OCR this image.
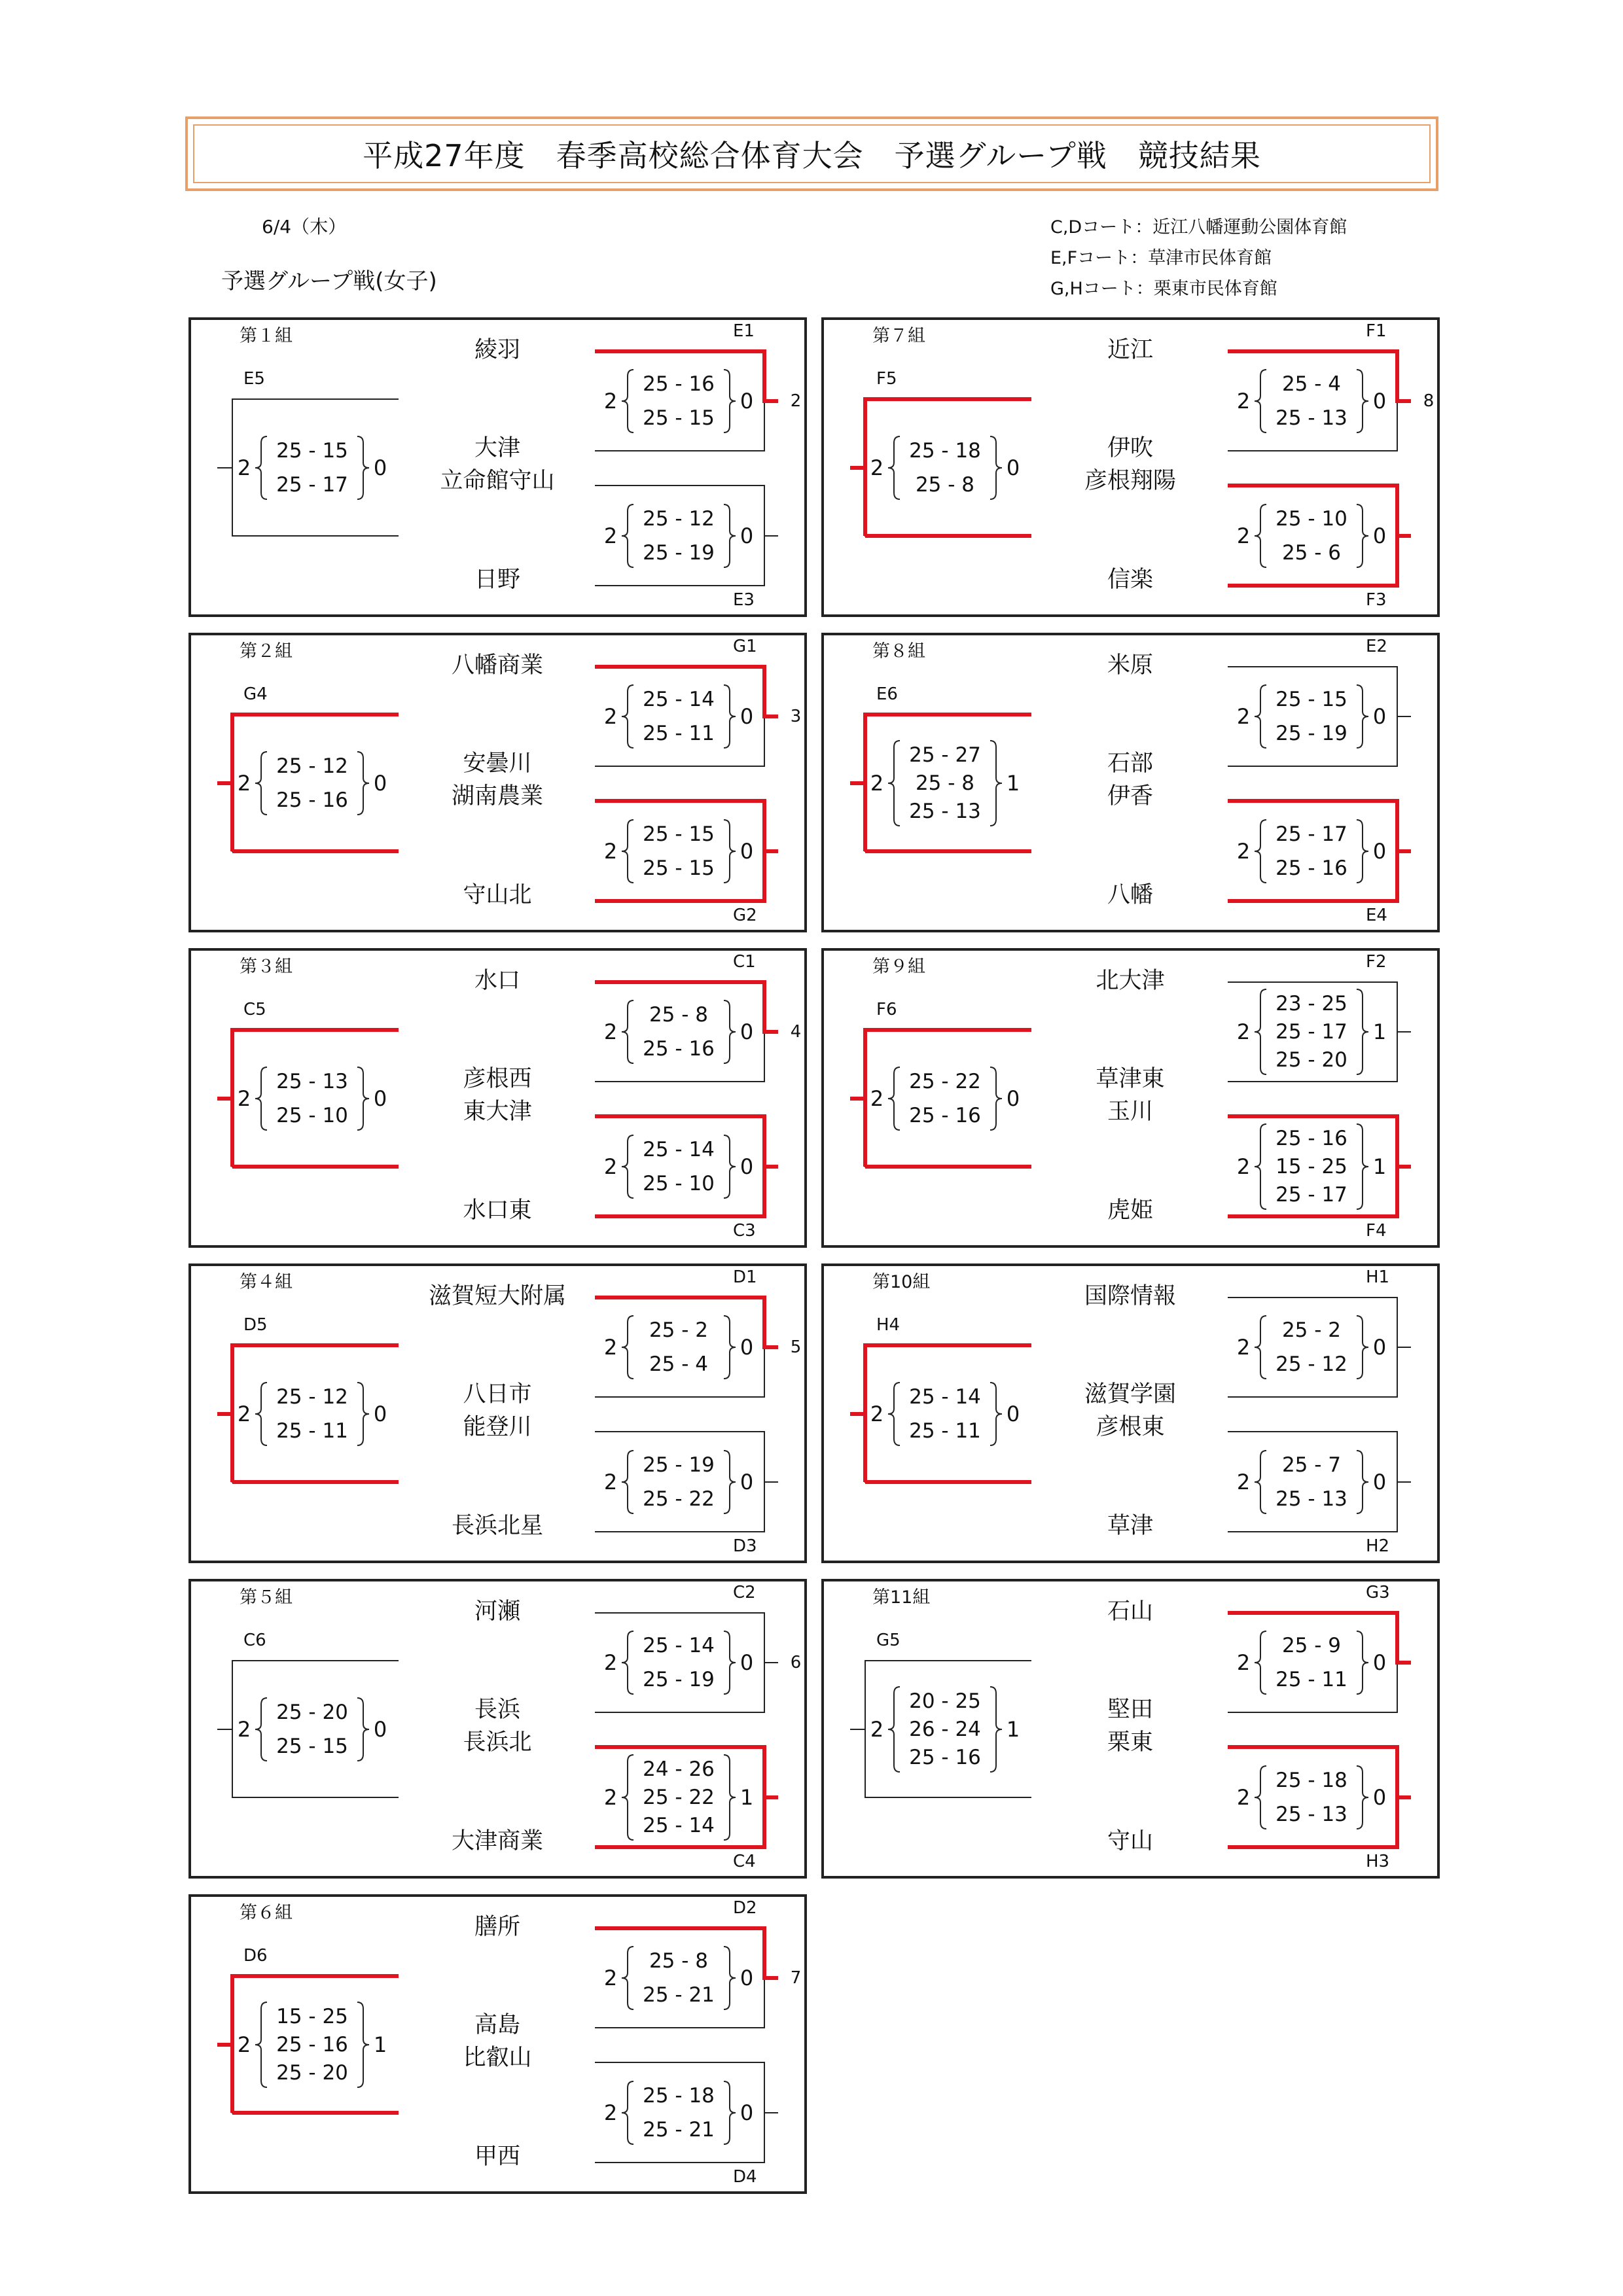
平成27年度　春季高校総合体育大会　予選グループ戦　競技結果
6/4（木）
予選グループ戦(女子)
C,Dコート：近江八幡運動公園体育館
E,Fコート：草津市民体育館
G,Hコート：栗東市民体育館
第１組	E1
E5
E3
綾羽
大津
立命館守山
日野
2	0
25 - 16
25 - 15
2	0
25 - 12
25 - 19
2	0
25 - 15
25 - 17
2
第７組	F1
F5
F3
近江
伊吹
彦根翔陽
信楽
2	0
25 - 4
25 - 13
2	0
25 - 10
25 - 6
2	0
25 - 18
25 - 8
8
第２組	G1
G4
G2
八幡商業
安曇川
湖南農業
守山北
2	0
25 - 14
25 - 11
2	0
25 - 15
25 - 15
2	0
25 - 12
25 - 16
3
第８組	E2
E6
E4
米原
石部
伊香
八幡
2	0
25 - 15
25 - 19
2	0
25 - 17
25 - 16
2	1
25 - 27
25 - 8
25 - 13
第３組	C1
C5
C3
水口
彦根西
東大津
水口東
2	0
25 - 8
25 - 16
2	0
25 - 14
25 - 10
2	0
25 - 13
25 - 10
4
第９組	F2
F6
F4
北大津
草津東
玉川
虎姫
2	1
23 - 25
25 - 17
25 - 20
2	1
25 - 16
15 - 25
25 - 17
2	0
25 - 22
25 - 16
第４組	D1
D5
D3
滋賀短大附属
八日市
能登川
長浜北星
2	0
25 - 2
25 - 4
2	0
25 - 19
25 - 22
2	0
25 - 12
25 - 11
5
第10組	H1
H4
H2
国際情報
滋賀学園
彦根東
草津
2	0
25 - 2
25 - 12
2	0
25 - 7
25 - 13
2	0
25 - 14
25 - 11
第５組	C2
C6
C4
河瀬
長浜
長浜北
大津商業
2	0
25 - 14
25 - 19
2	1
24 - 26
25 - 22
25 - 14
2	0
25 - 20
25 - 15
6
第11組	G3
G5
H3
石山
堅田
栗東
守山
2	0
25 - 9
25 - 11
2	0
25 - 18
25 - 13
2	1
20 - 25
26 - 24
25 - 16
第６組	D2
D6
D4
膳所
高島
比叡山
甲西
2	0
25 - 8
25 - 21
2	0
25 - 18
25 - 21
2	1
15 - 25
25 - 16
25 - 20
7
